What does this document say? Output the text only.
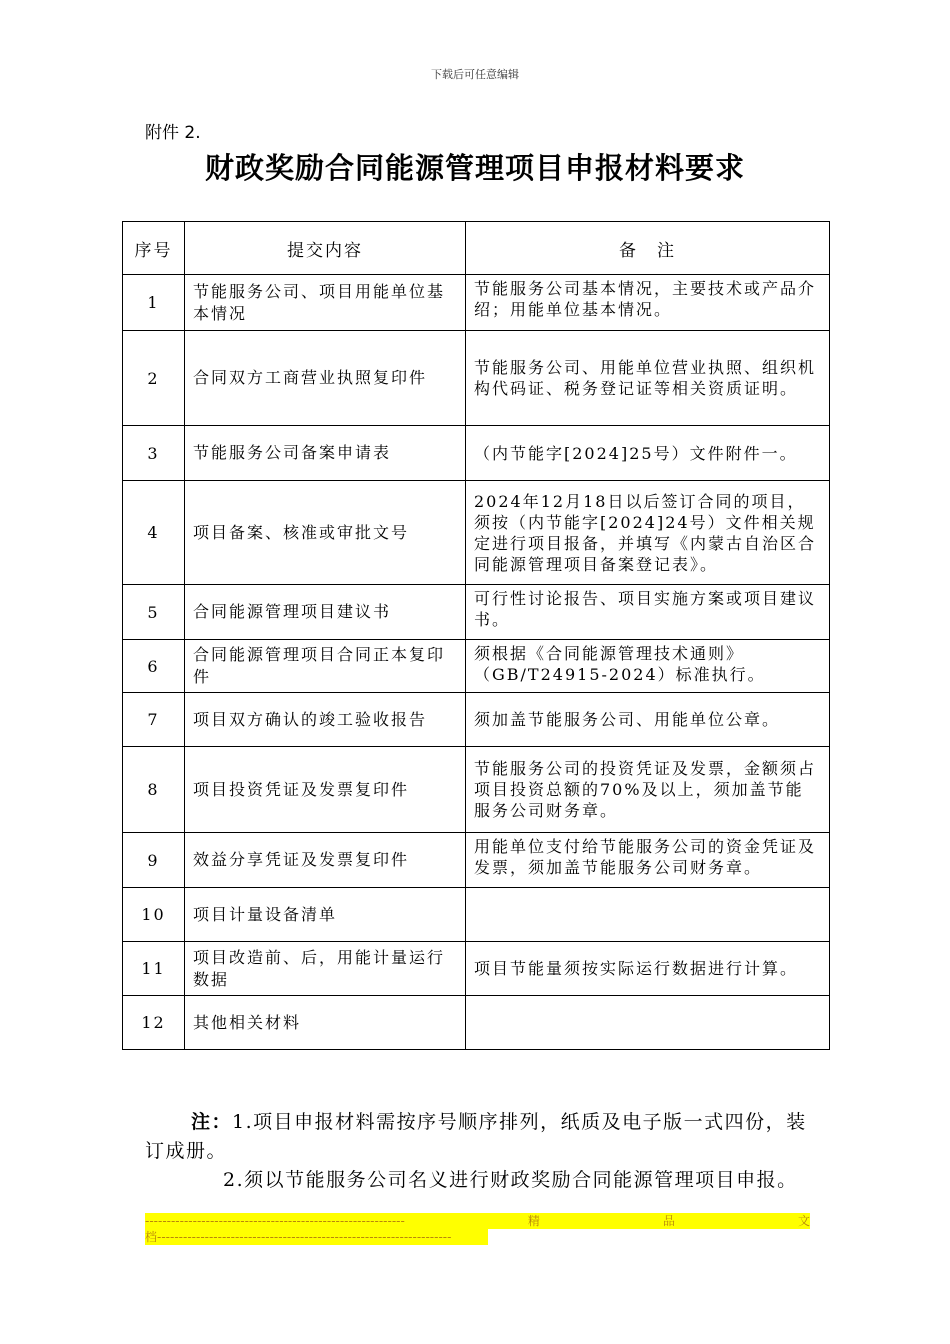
下载后可任意编辑
附件 2.
财政奖励合同能源管理项目申报材料要求
序号	提交内容	备　注
1	节能服务公司、项目用能单位基本情况	节能服务公司基本情况，主要技术或产品介绍；用能单位基本情况。
2	合同双方工商营业执照复印件	节能服务公司、用能单位营业执照、组织机构代码证、税务登记证等相关资质证明。
3	节能服务公司备案申请表	（内节能字[2024]25号）文件附件一。
4	项目备案、核准或审批文号	2024年12月18日以后签订合同的项目，须按（内节能字[2024]24号）文件相关规定进行项目报备，并填写《内蒙古自治区合同能源管理项目备案登记表》。
5	合同能源管理项目建议书	可行性讨论报告、项目实施方案或项目建议书。
6	合同能源管理项目合同正本复印件	须根据《合同能源管理技术通则》（GB/T24915-2024）标准执行。
7	项目双方确认的竣工验收报告	须加盖节能服务公司、用能单位公章。
8	项目投资凭证及发票复印件	节能服务公司的投资凭证及发票，金额须占项目投资总额的70%及以上，须加盖节能服务公司财务章。
9	效益分享凭证及发票复印件	用能单位支付给节能服务公司的资金凭证及发票，须加盖节能服务公司财务章。
10	项目计量设备清单	
11	项目改造前、后，用能计量运行数据	项目节能量须按实际运行数据进行计算。
12	其他相关材料	

注：1.项目申报材料需按序号顺序排列，纸质及电子版一式四份，装订成册。

2.须以节能服务公司名义进行财政奖励合同能源管理项目申报。

------------------------------------------------------------	精	品	文
档--------------------------------------------------------------------
